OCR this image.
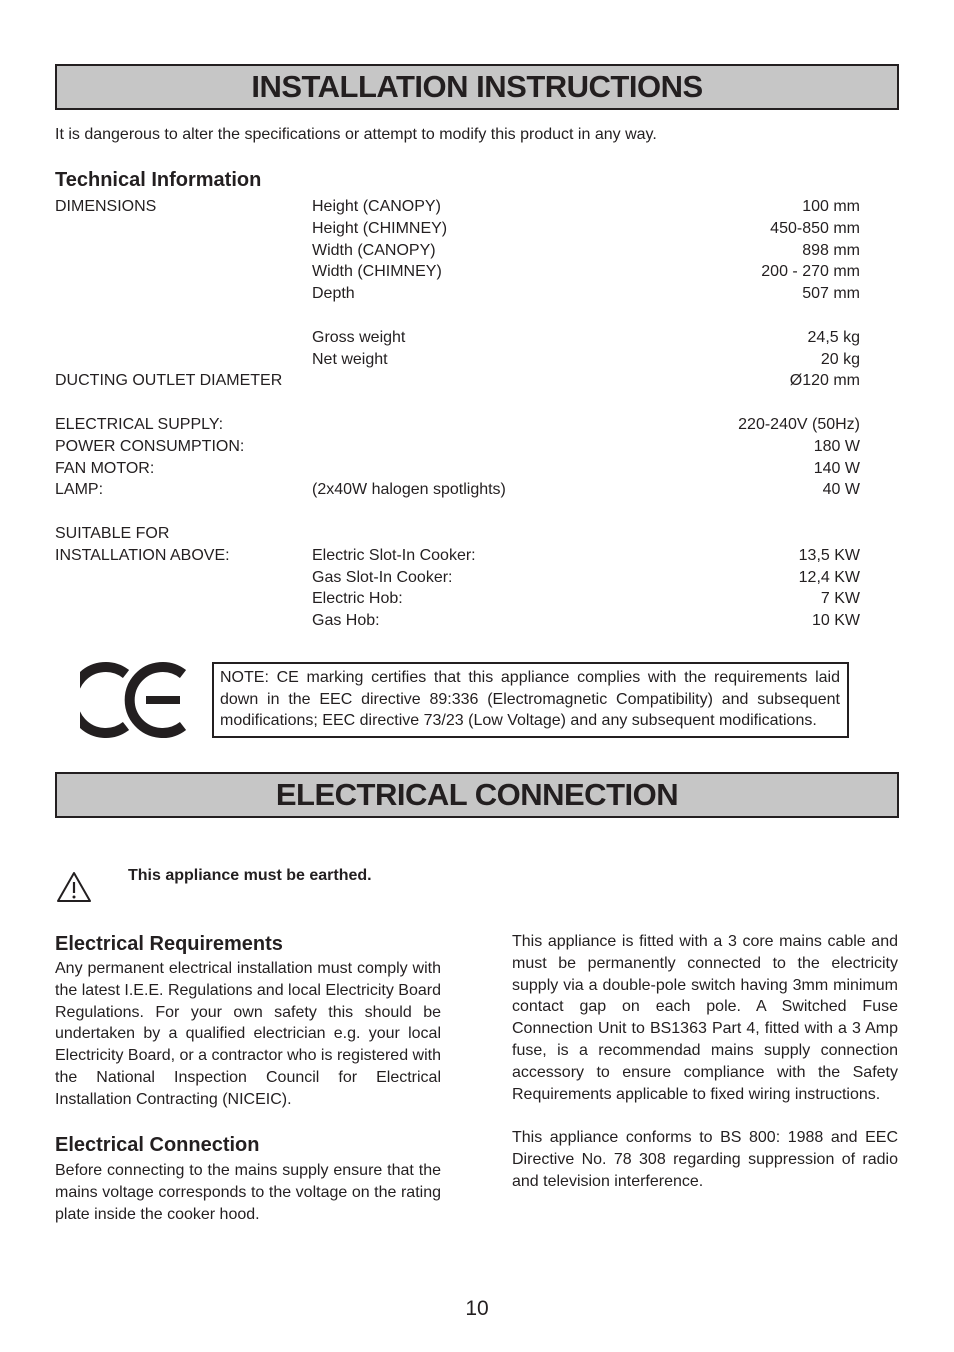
INSTALLATION INSTRUCTIONS
It is dangerous to alter the specifications or attempt to modify this product in any way.
Technical Information
DIMENSIONS	Height (CANOPY)	100 mm
Height (CHIMNEY)	450-850 mm
Width (CANOPY)	898 mm
Width (CHIMNEY)	200 - 270 mm
Depth	507 mm
Gross weight	24,5 kg
Net weight	20 kg
DUCTING OUTLET DIAMETER	Ø120 mm
ELECTRICAL SUPPLY:	220-240V (50Hz)
POWER CONSUMPTION:	180 W
FAN MOTOR:	140 W
LAMP:	(2x40W halogen spotlights)	40 W
SUITABLE FOR
INSTALLATION ABOVE:	Electric Slot-In Cooker:	13,5 KW
Gas Slot-In Cooker:	12,4 KW
Electric Hob:	7 KW
Gas Hob:	10 KW
NOTE: CE marking certifies that this appliance complies with the requirements laid down in the EEC directive 89:336 (Electromagnetic Compatibility) and subsequent modifications; EEC directive 73/23 (Low Voltage) and any subsequent modifications.
ELECTRICAL CONNECTION
This appliance must be earthed.
Electrical Requirements
Any permanent electrical installation must comply with the latest I.E.E. Regulations and local Electricity Board Regulations. For your own safety this should be undertaken by a qualified electrician e.g. your local Electricity Board, or a contractor who is registered with the National Inspection Council for Electrical Installation Contracting (NICEIC).
Electrical Connection
Before connecting to the mains supply ensure that the mains voltage corresponds to the voltage on the rating plate inside the cooker hood.
This appliance is fitted with a 3 core mains cable and must be permanently connected to the electricity supply via a double-pole switch having 3mm minimum contact gap on each pole. A Switched Fuse Connection Unit to BS1363 Part 4, fitted with a 3 Amp fuse, is a recommendad mains supply connection accessory to ensure compliance with the Safety Requirements applicable to fixed wiring instructions.
This appliance conforms to BS 800: 1988 and EEC Directive No. 78 308 regarding suppression of radio and television interference.
10
